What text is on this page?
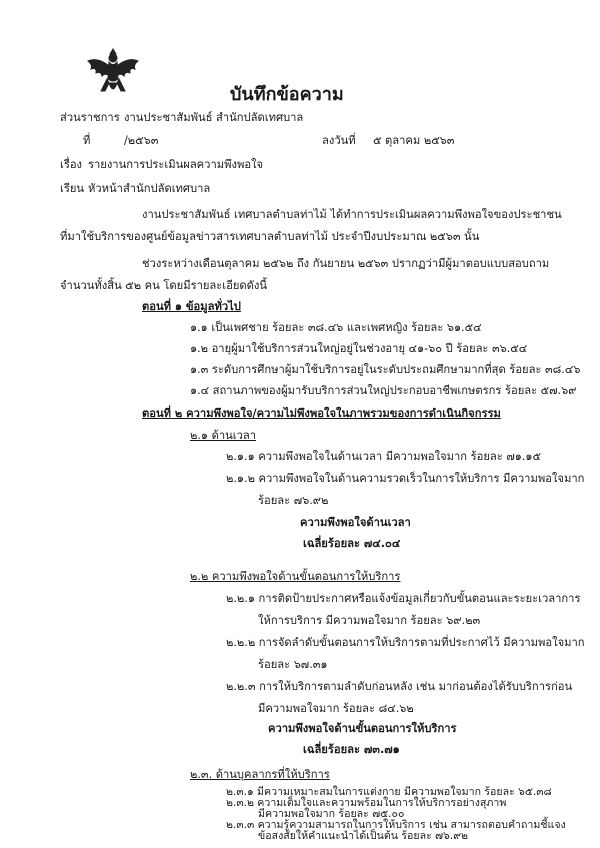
บันทึกข้อความ
ส่วนราชการ งานประชาสัมพันธ์ สำนักปลัดเทศบาล
ที่	/๒๕๖๓	ลงวันที่ ๕ ตุลาคม ๒๕๖๓
เรื่อง รายงานการประเมินผลความพึงพอใจ
เรียน หัวหน้าสำนักปลัดเทศบาล
งานประชาสัมพันธ์ เทศบาลตำบลท่าไม้ ได้ทำการประเมินผลความพึงพอใจของประชาชน
ที่มาใช้บริการของศูนย์ข้อมูลข่าวสารเทศบาลตำบลท่าไม้ ประจำปีงบประมาณ ๒๕๖๓ นั้น
ช่วงระหว่างเดือนตุลาคม ๒๕๖๒ ถึง กันยายน ๒๕๖๓ ปรากฏว่ามีผู้มาตอบแบบสอบถาม
จำนวนทั้งสิ้น ๕๒ คน โดยมีรายละเอียดดังนี้
ตอนที่ ๑ ข้อมูลทั่วไป
๑.๑ เป็นเพศชาย ร้อยละ ๓๘.๔๖ และเพศหญิง ร้อยละ ๖๑.๕๔
๑.๒ อายุผู้มาใช้บริการส่วนใหญ่อยู่ในช่วงอายุ ๔๑-๖๐ ปี ร้อยละ ๓๖.๕๔
๑.๓ ระดับการศึกษาผู้มาใช้บริการอยู่ในระดับประถมศึกษามากที่สุด ร้อยละ ๓๘.๔๖
๑.๔ สถานภาพของผู้มารับบริการส่วนใหญ่ประกอบอาชีพเกษตรกร ร้อยละ ๕๗.๖๙
ตอนที่ ๒ ความพึงพอใจ/ความไม่พึงพอใจในภาพรวมของการดำเนินกิจกรรม
๒.๑ ด้านเวลา
๒.๑.๑ ความพึงพอใจในด้านเวลา มีความพอใจมาก ร้อยละ ๗๑.๑๕
๒.๑.๒ ความพึงพอใจในด้านความรวดเร็วในการให้บริการ มีความพอใจมาก
ร้อยละ ๗๖.๙๒
ความพึงพอใจด้านเวลา
เฉลี่ยร้อยละ ๗๔.๐๔
๒.๒ ความพึงพอใจด้านขั้นตอนการให้บริการ
๒.๒.๑ การติดป้ายประกาศหรือแจ้งข้อมูลเกี่ยวกับขั้นตอนและระยะเวลาการ
ให้การบริการ มีความพอใจมาก ร้อยละ ๖๙.๒๓
๒.๒.๒ การจัดลำดับขั้นตอนการให้บริการตามที่ประกาศไว้ มีความพอใจมาก
ร้อยละ ๖๗.๓๑
๒.๒.๓ การให้บริการตามลำดับก่อนหลัง เช่น มาก่อนต้องได้รับบริการก่อน
มีความพอใจมาก ร้อยละ ๘๔.๖๒
ความพึงพอใจด้านขั้นตอนการให้บริการ
เฉลี่ยร้อยละ ๗๓.๗๑
๒.๓. ด้านบุคลากรที่ให้บริการ
๒.๓.๑ มีความเหมาะสมในการแต่งกาย มีความพอใจมาก ร้อยละ ๖๕.๓๘
๒.๓.๒ ความเต็มใจและความพร้อมในการให้บริการอย่างสุภาพ
มีความพอใจมาก ร้อยละ ๗๕.๐๐
๒.๓.๓ ความรู้ความสามารถในการให้บริการ เช่น สามารถตอบคำถามชี้แจง
ข้อสงสัยให้คำแนะนำได้เป็นต้น ร้อยละ ๗๖.๙๒
